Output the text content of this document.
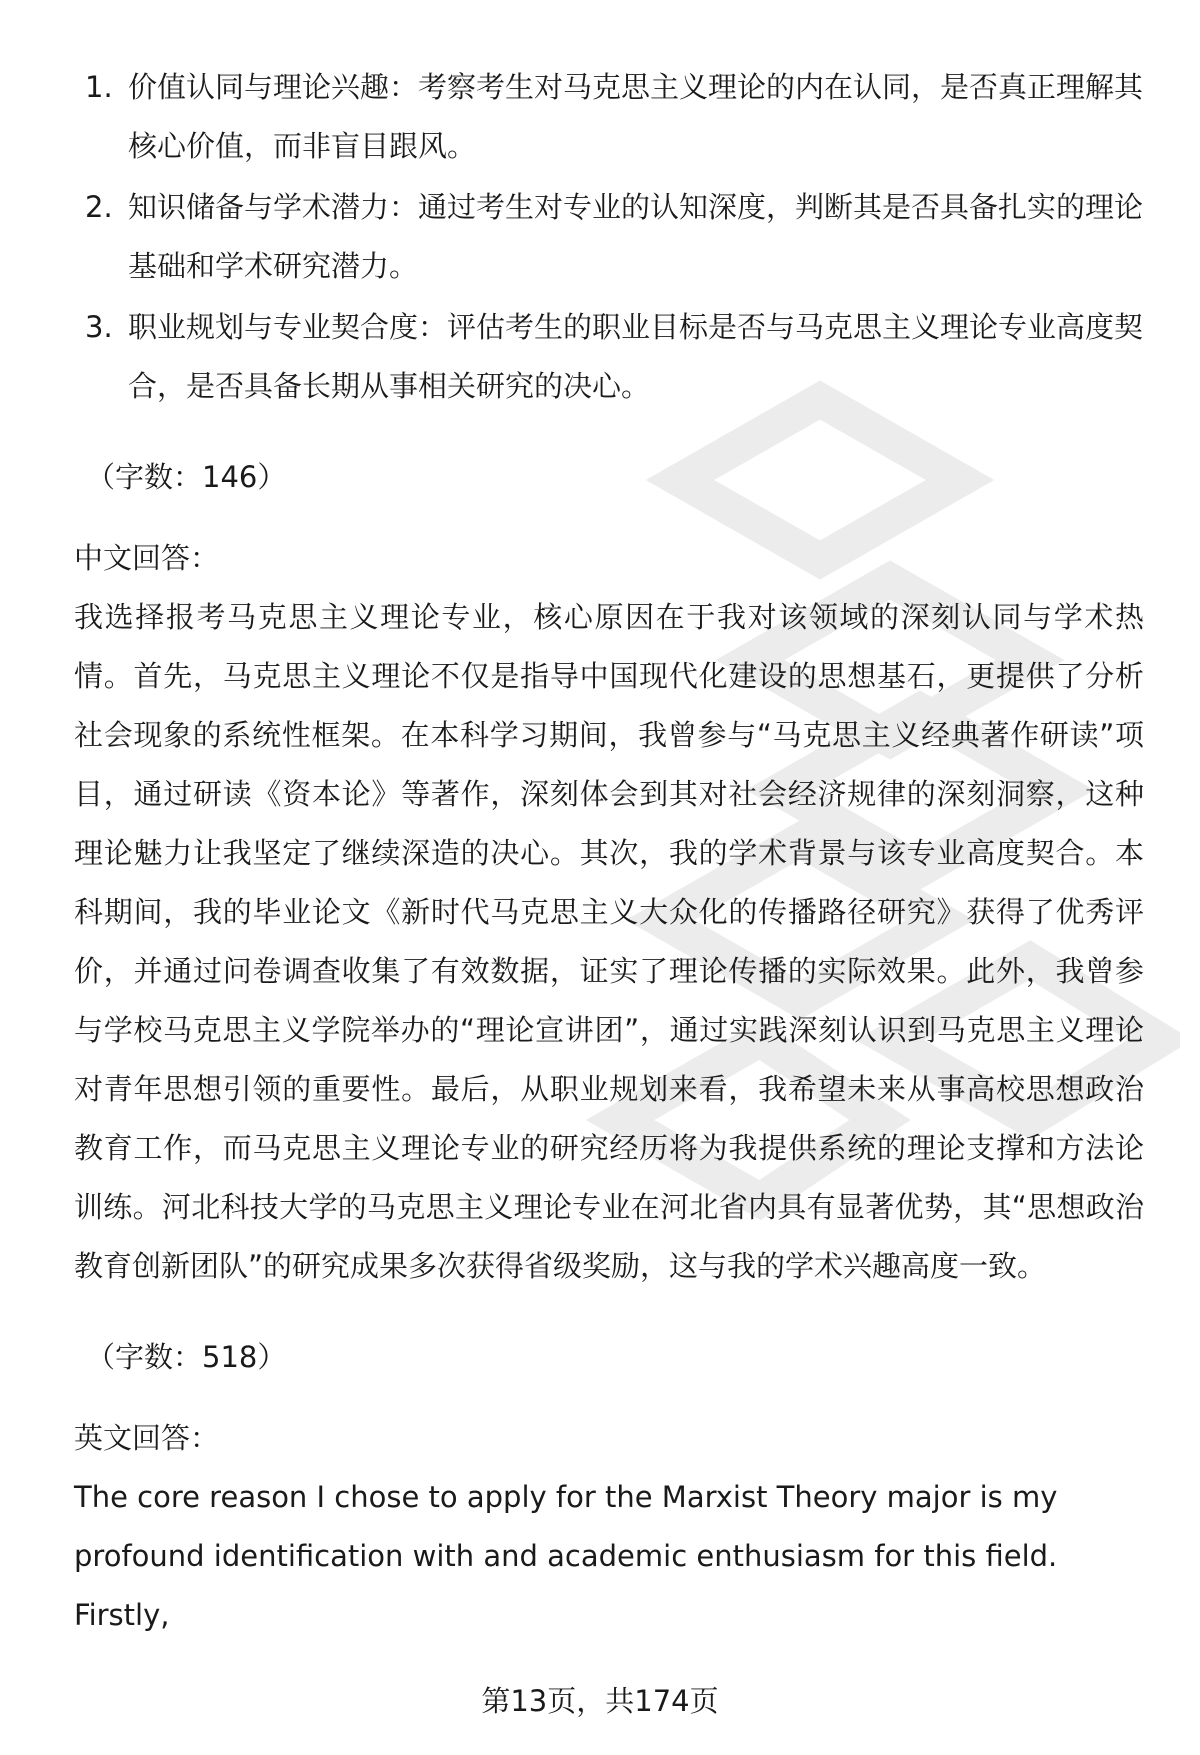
1. 价值认同与理论兴趣：考察考生对马克思主义理论的内在认同，是否真正理解其核心价值，而非盲目跟风。
2. 知识储备与学术潜力：通过考生对专业的认知深度，判断其是否具备扎实的理论基础和学术研究潜力。
3. 职业规划与专业契合度：评估考生的职业目标是否与马克思主义理论专业高度契合，是否具备长期从事相关研究的决心。
（字数：146）
中文回答：
我选择报考马克思主义理论专业，核心原因在于我对该领域的深刻认同与学术热情。首先，马克思主义理论不仅是指导中国现代化建设的思想基石，更提供了分析社会现象的系统性框架。在本科学习期间，我曾参与“马克思主义经典著作研读”项目，通过研读《资本论》等著作，深刻体会到其对社会经济规律的深刻洞察，这种理论魅力让我坚定了继续深造的决心。其次，我的学术背景与该专业高度契合。本科期间，我的毕业论文《新时代马克思主义大众化的传播路径研究》获得了优秀评价，并通过问卷调查收集了有效数据，证实了理论传播的实际效果。此外，我曾参与学校马克思主义学院举办的“理论宣讲团”，通过实践深刻认识到马克思主义理论对青年思想引领的重要性。最后，从职业规划来看，我希望未来从事高校思想政治教育工作，而马克思主义理论专业的研究经历将为我提供系统的理论支撑和方法论训练。河北科技大学的马克思主义理论专业在河北省内具有显著优势，其“思想政治教育创新团队”的研究成果多次获得省级奖励，这与我的学术兴趣高度一致。
（字数：518）
英文回答：
The core reason I chose to apply for the Marxist Theory major is my profound identification with and academic enthusiasm for this field. Firstly,
第13页，共174页
